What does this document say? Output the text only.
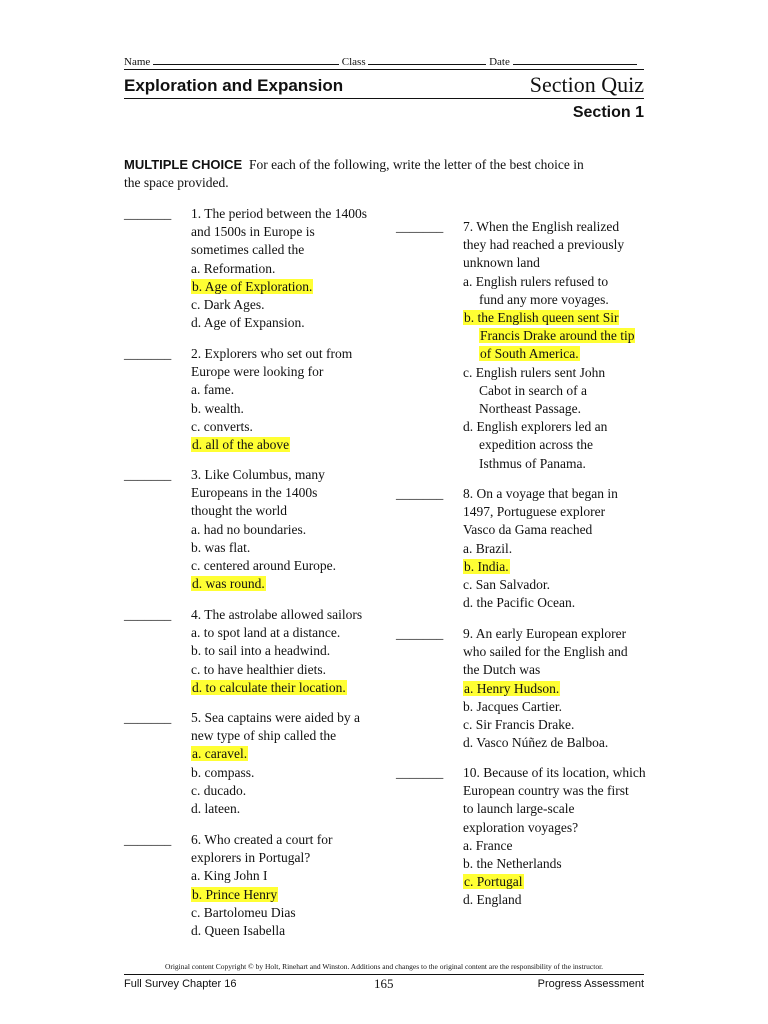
Name	Class	Date
Exploration and Expansion	Section Quiz
Section 1
MULTIPLE CHOICE For each of the following, write the letter of the best choice in the space provided.
_______ 1. The period between the 1400s
and 1500s in Europe is
sometimes called the
a. Reformation.
b. Age of Exploration.
c. Dark Ages.
d. Age of Expansion.
_______ 2. Explorers who set out from
Europe were looking for
a. fame.
b. wealth.
c. converts.
d. all of the above
_______ 3. Like Columbus, many
Europeans in the 1400s
thought the world
a. had no boundaries.
b. was flat.
c. centered around Europe.
d. was round.
_______ 4. The astrolabe allowed sailors
a. to spot land at a distance.
b. to sail into a headwind.
c. to have healthier diets.
d. to calculate their location.
_______ 5. Sea captains were aided by a
new type of ship called the
a. caravel.
b. compass.
c. ducado.
d. lateen.
_______ 6. Who created a court for
explorers in Portugal?
a. King John I
b. Prince Henry
c. Bartolomeu Dias
d. Queen Isabella
_______ 7. When the English realized
they had reached a previously
unknown land
a. English rulers refused to
fund any more voyages.
b. the English queen sent Sir
Francis Drake around the tip
of South America.
c. English rulers sent John
Cabot in search of a
Northeast Passage.
d. English explorers led an
expedition across the
Isthmus of Panama.
_______ 8. On a voyage that began in
1497, Portuguese explorer
Vasco da Gama reached
a. Brazil.
b. India.
c. San Salvador.
d. the Pacific Ocean.
_______ 9. An early European explorer
who sailed for the English and
the Dutch was
a. Henry Hudson.
b. Jacques Cartier.
c. Sir Francis Drake.
d. Vasco Núñez de Balboa.
_______ 10. Because of its location, which
European country was the first
to launch large-scale
exploration voyages?
a. France
b. the Netherlands
c. Portugal
d. England
Original content Copyright © by Holt, Rinehart and Winston. Additions and changes to the original content are the responsibility of the instructor.
Full Survey Chapter 16	165	Progress Assessment
